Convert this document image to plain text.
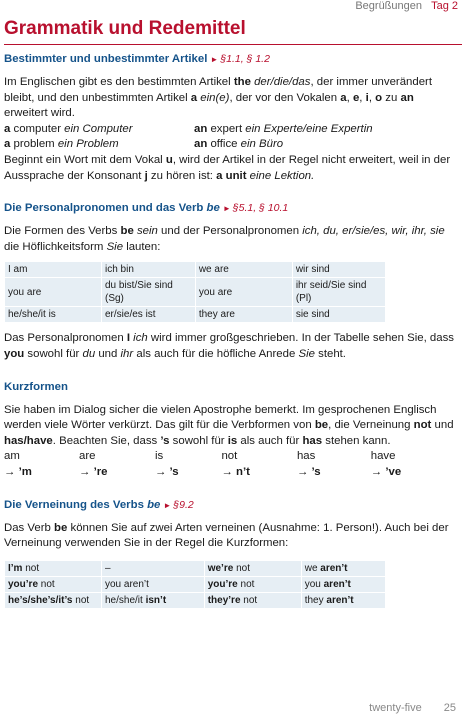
Begrüßungen Tag 2
Grammatik und Redemittel
Bestimmter und unbestimmter Artikel ► §1.1, § 1.2

Im Englischen gibt es den bestimmten Artikel the der/die/das, der immer unverändert bleibt, und den unbestimmten Artikel a ein(e), der vor den Vokalen a, e, i, o zu an erweitert wird.

a computer ein Computer	an expert ein Experte/eine Expertin
a problem ein Problem	an office ein Büro

Beginnt ein Wort mit dem Vokal u, wird der Artikel in der Regel nicht erweitert, weil in der Aussprache der Konsonant j zu hören ist: a unit eine Lektion.

Die Personalpronomen und das Verb be ► §5.1, § 10.1

Die Formen des Verbs be sein und der Personalpronomen ich, du, er/sie/es, wir, ihr, sie die Höflichkeitsform Sie lauten:

I am	ich bin	we are	wir sind
you are	du bist/Sie sind (Sg)	you are	ihr seid/Sie sind (Pl)
he/she/it is	er/sie/es ist	they are	sie sind

Das Personalpronomen I ich wird immer großgeschrieben. In der Tabelle sehen Sie, dass you sowohl für du und ihr als auch für die höfliche Anrede Sie steht.

Kurzformen

Sie haben im Dialog sicher die vielen Apostrophe bemerkt. Im gesprochenen Englisch werden viele Wörter verkürzt. Das gilt für die Verbformen von be, die Verneinung not und has/have. Beachten Sie, dass ’s sowohl für is als auch für has stehen kann.

am → ’m
are → ’re
is → ’s
not → n’t
has → ’s
have → ’ve
Die Verneinung des Verbs be ► §9.2

Das Verb be können Sie auf zwei Arten verneinen (Ausnahme: 1. Person!). Auch bei der Verneinung verwenden Sie in der Regel die Kurzformen:

I’m not	–	we’re not	we aren’t
you’re not	you aren’t	you’re not	you aren’t
he’s/she’s/it’s not	he/she/it isn’t	they’re not	they aren’t
twenty-five 25
